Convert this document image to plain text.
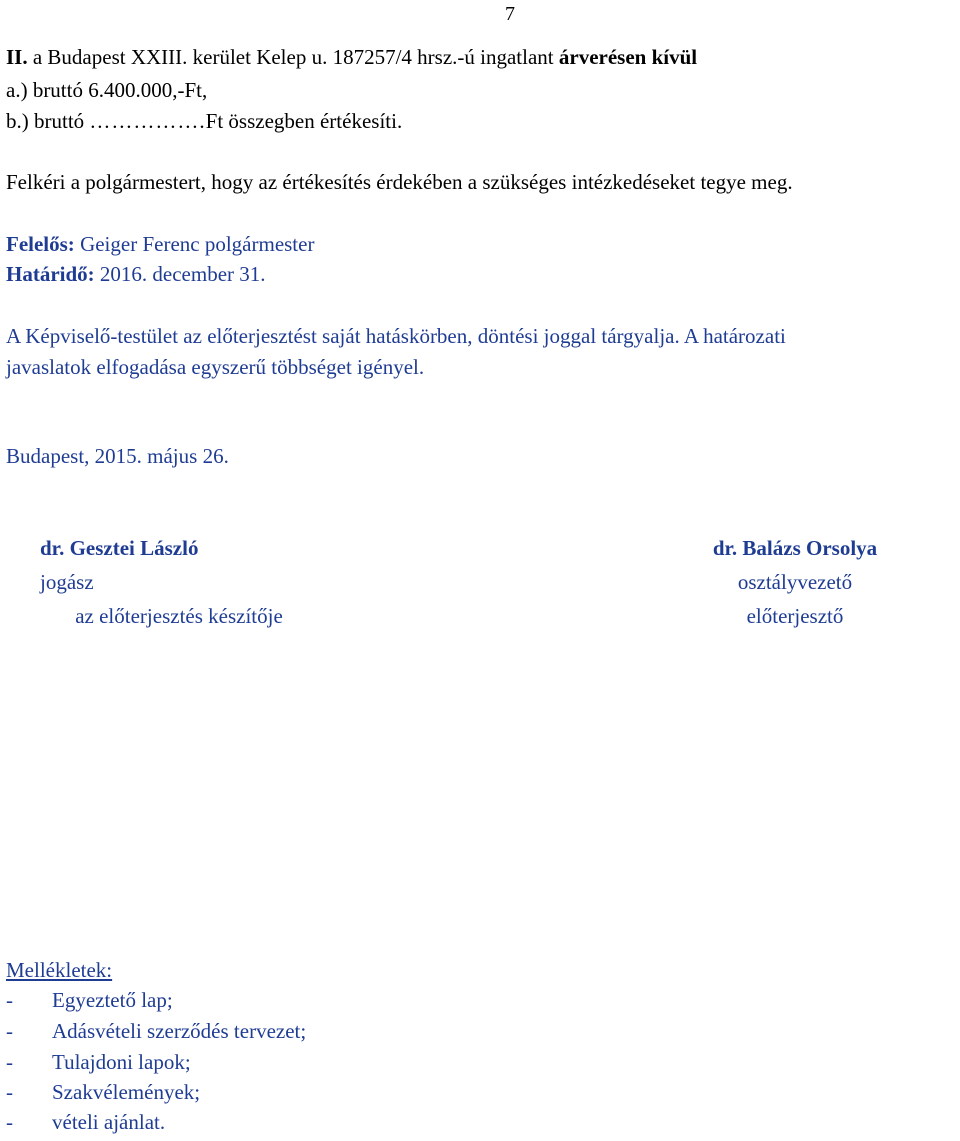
7
II. a Budapest XXIII. kerület Kelep u. 187257/4 hrsz.-ú ingatlant árverésen kívül
a.) bruttó 6.400.000,-Ft,
b.) bruttó …………….Ft összegben értékesíti.
Felkéri a polgármestert, hogy az értékesítés érdekében a szükséges intézkedéseket tegye meg.
Felelős: Geiger Ferenc polgármester
Határidő: 2016. december 31.
A Képviselő-testület az előterjesztést saját hatáskörben, döntési joggal tárgyalja. A határozati
javaslatok elfogadása egyszerű többséget igényel.
Budapest, 2015. május 26.
dr. Gesztei László
jogász
az előterjesztés készítője
dr. Balázs Orsolya
osztályvezető
előterjesztő
Mellékletek:
- Egyeztető lap;
- Adásvételi szerződés tervezet;
- Tulajdoni lapok;
- Szakvélemények;
- vételi ajánlat.
